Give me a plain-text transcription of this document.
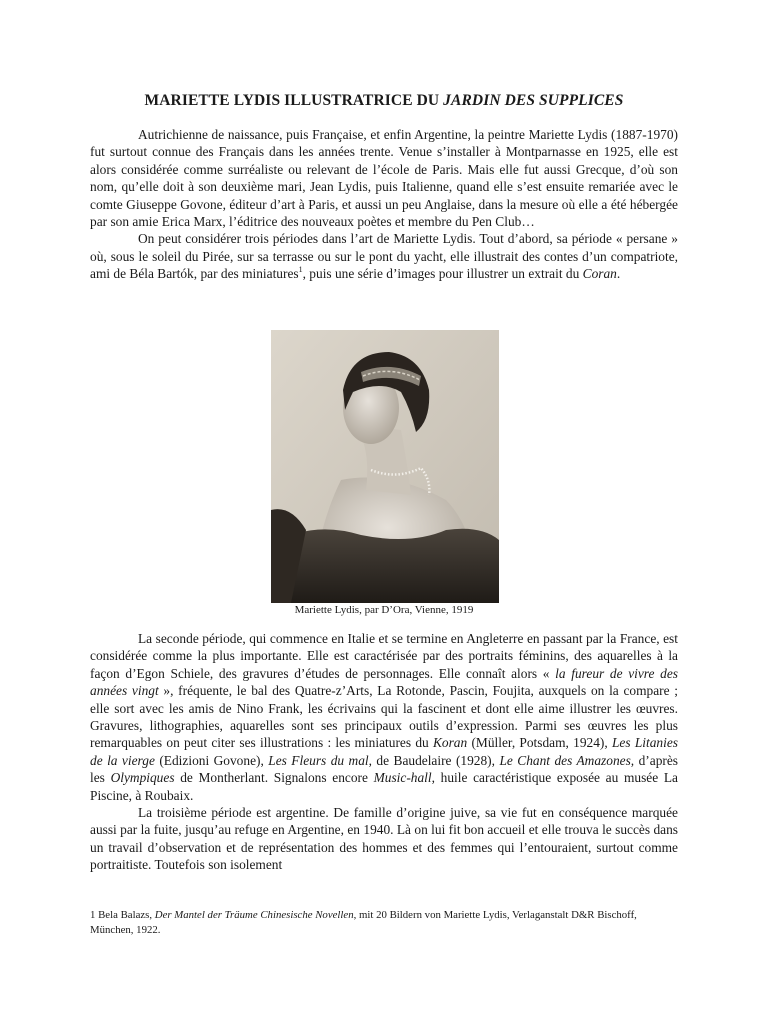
MARIETTE LYDIS ILLUSTRATRICE DU JARDIN DES SUPPLICES

Autrichienne de naissance, puis Française, et enfin Argentine, la peintre Mariette Lydis (1887-1970) fut surtout connue des Français dans les années trente. Venue s’installer à Montparnasse en 1925, elle est alors considérée comme surréaliste ou relevant de l’école de Paris. Mais elle fut aussi Grecque, d’où son nom, qu’elle doit à son deuxième mari, Jean Lydis, puis Italienne, quand elle s’est ensuite remariée avec le comte Giuseppe Govone, éditeur d’art à Paris, et aussi un peu Anglaise, dans la mesure où elle a été hébergée par son amie Erica Marx, l’éditrice des nouveaux poètes et membre du Pen Club…

On peut considérer trois périodes dans l’art de Mariette Lydis. Tout d’abord, sa période « persane » où, sous le soleil du Pirée, sur sa terrasse ou sur le pont du yacht, elle illustrait des contes d’un compatriote, ami de Béla Bartók, par des miniatures$^1$, puis une série d’images pour illustrer un extrait du Coran.

Mariette Lydis, par D’Ora, Vienne, 1919

La seconde période, qui commence en Italie et se termine en Angleterre en passant par la France, est considérée comme la plus importante. Elle est caractérisée par des portraits féminins, des aquarelles à la façon d’Egon Schiele, des gravures d’études de personnages. Elle connaît alors « la fureur de vivre des années vingt », fréquente, le bal des Quatre-z’Arts, La Rotonde, Pascin, Foujita, auxquels on la compare ; elle sort avec les amis de Nino Frank, les écrivains qui la fascinent et dont elle aime illustrer les œuvres. Gravures, lithographies, aquarelles sont ses principaux outils d’expression. Parmi ses œuvres les plus remarquables on peut citer ses illustrations : les miniatures du Koran (Müller, Potsdam, 1924), Les Litanies de la vierge (Edizioni Govone), Les Fleurs du mal, de Baudelaire (1928), Le Chant des Amazones, d’après les Olympiques de Montherlant. Signalons encore Music-hall, huile caractéristique exposée au musée La Piscine, à Roubaix.

La troisième période est argentine. De famille d’origine juive, sa vie fut en conséquence marquée aussi par la fuite, jusqu’au refuge en Argentine, en 1940. Là on lui fit bon accueil et elle trouva le succès dans un travail d’observation et de représentation des hommes et des femmes qui l’entouraient, surtout comme portraitiste. Toutefois son isolement

1 Bela Balazs, Der Mantel der Träume Chinesische Novellen, mit 20 Bildern von Mariette Lydis, Verlaganstalt D&R Bischoff, München, 1922.
